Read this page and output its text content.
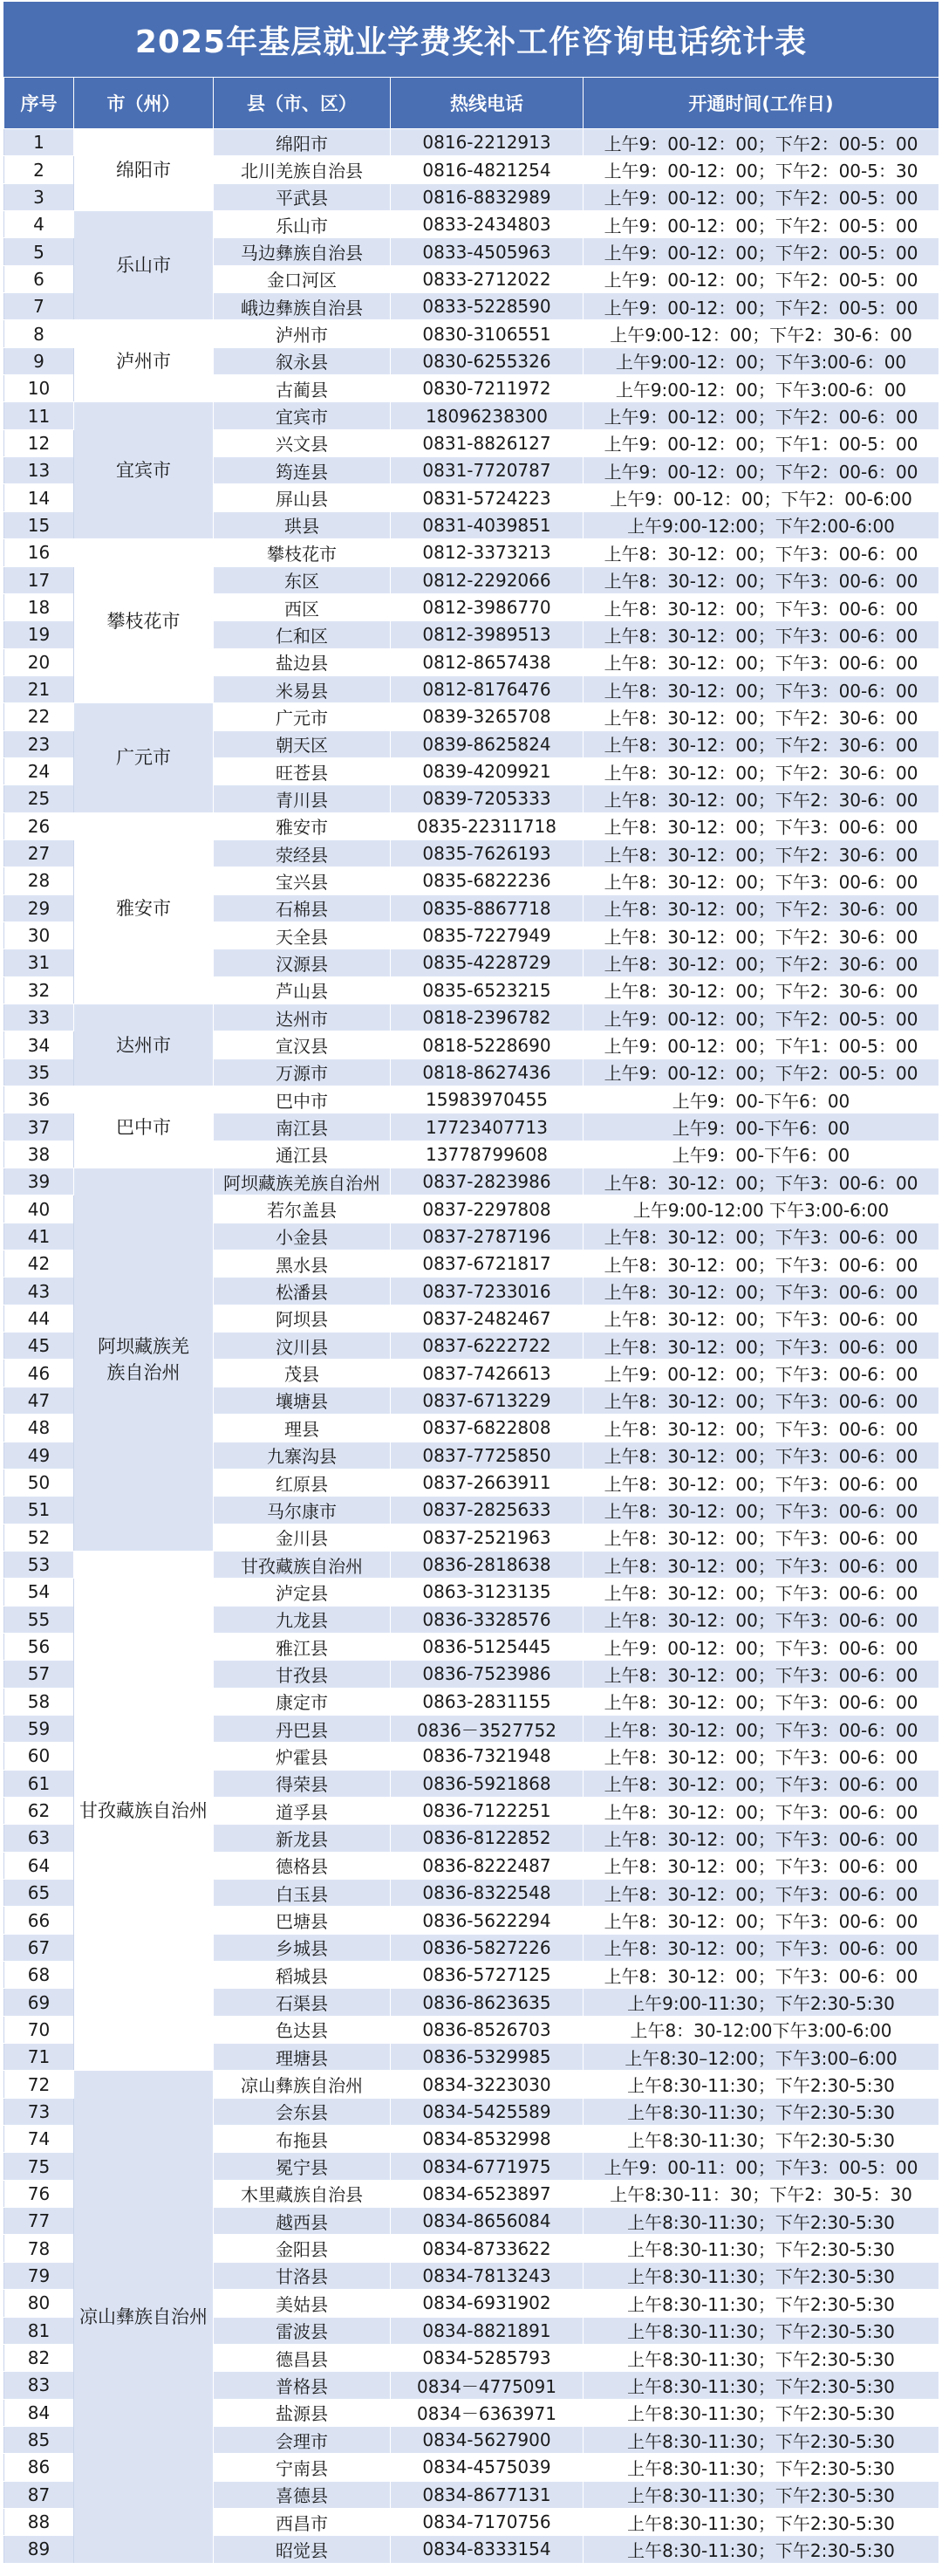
2025年基层就业学费奖补工作咨询电话统计表
序号	市（州）	县（市、区）	热线电话	开通时间(工作日)
1	绵阳市	绵阳市	0816-2212913	上午9：00-12：00；下午2：00-5：00
2		北川羌族自治县	0816-4821254	上午9：00-12：00；下午2：00-5：30
3		平武县	0816-8832989	上午9：00-12：00；下午2：00-5：00
4	乐山市	乐山市	0833-2434803	上午9：00-12：00；下午2：00-5：00
5		马边彝族自治县	0833-4505963	上午9：00-12：00；下午2：00-5：00
6		金口河区	0833-2712022	上午9：00-12：00；下午2：00-5：00
7		峨边彝族自治县	0833-5228590	上午9：00-12：00；下午2：00-5：00
8	泸州市	泸州市	0830-3106551	上午9:00-12：00；下午2：30-6：00
9		叙永县	0830-6255326	上午9:00-12：00；下午3:00-6：00
10		古蔺县	0830-7211972	上午9:00-12：00；下午3:00-6：00
11	宜宾市	宜宾市	18096238300	上午9：00-12：00；下午2：00-6：00
12		兴文县	0831-8826127	上午9：00-12：00；下午1：00-5：00
13		筠连县	0831-7720787	上午9：00-12：00；下午2：00-6：00
14		屏山县	0831-5724223	上午9：00-12：00；下午2：00-6:00
15		珙县	0831-4039851	上午9:00-12:00；下午2:00-6:00
16	攀枝花市	攀枝花市	0812-3373213	上午8：30-12：00；下午3：00-6：00
17		东区	0812-2292066	上午8：30-12：00；下午3：00-6：00
18		西区	0812-3986770	上午8：30-12：00；下午3：00-6：00
19		仁和区	0812-3989513	上午8：30-12：00；下午3：00-6：00
20		盐边县	0812-8657438	上午8：30-12：00；下午3：00-6：00
21		米易县	0812-8176476	上午8：30-12：00；下午3：00-6：00
22	广元市	广元市	0839-3265708	上午8：30-12：00；下午2：30-6：00
23		朝天区	0839-8625824	上午8：30-12：00；下午2：30-6：00
24		旺苍县	0839-4209921	上午8：30-12：00；下午2：30-6：00
25		青川县	0839-7205333	上午8：30-12：00；下午2：30-6：00
26	雅安市	雅安市	0835-22311718	上午8：30-12：00；下午3：00-6：00
27		荥经县	0835-7626193	上午8：30-12：00；下午2：30-6：00
28		宝兴县	0835-6822236	上午8：30-12：00；下午3：00-6：00
29		石棉县	0835-8867718	上午8：30-12：00；下午2：30-6：00
30		天全县	0835-7227949	上午8：30-12：00；下午2：30-6：00
31		汉源县	0835-4228729	上午8：30-12：00；下午2：30-6：00
32		芦山县	0835-6523215	上午8：30-12：00；下午2：30-6：00
33	达州市	达州市	0818-2396782	上午9：00-12：00；下午2：00-5：00
34		宣汉县	0818-5228690	上午9：00-12：00；下午1：00-5：00
35		万源市	0818-8627436	上午9：00-12：00；下午2：00-5：00
36	巴中市	巴中市	15983970455	上午9：00-下午6：00
37		南江县	17723407713	上午9：00-下午6：00
38		通江县	13778799608	上午9：00-下午6：00
39	阿坝藏族羌族自治州	阿坝藏族羌族自治州	0837-2823986	上午8：30-12：00；下午3：00-6：00
40		若尔盖县	0837-2297808	上午9:00-12:00 下午3:00-6:00
41		小金县	0837-2787196	上午8：30-12：00；下午3：00-6：00
42		黑水县	0837-6721817	上午8：30-12：00；下午3：00-6：00
43		松潘县	0837-7233016	上午8：30-12：00；下午3：00-6：00
44		阿坝县	0837-2482467	上午8：30-12：00；下午3：00-6：00
45		汶川县	0837-6222722	上午8：30-12：00；下午3：00-6：00
46		茂县	0837-7426613	上午9：00-12：00；下午3：00-6：00
47		壤塘县	0837-6713229	上午8：30-12：00；下午3：00-6：00
48		理县	0837-6822808	上午8：30-12：00；下午3：00-6：00
49		九寨沟县	0837-7725850	上午8：30-12：00；下午3：00-6：00
50		红原县	0837-2663911	上午8：30-12：00；下午3：00-6：00
51		马尔康市	0837-2825633	上午8：30-12：00；下午3：00-6：00
52		金川县	0837-2521963	上午8：30-12：00；下午3：00-6：00
53	甘孜藏族自治州	甘孜藏族自治州	0836-2818638	上午8：30-12：00；下午3：00-6：00
54		泸定县	0863-3123135	上午8：30-12：00；下午3：00-6：00
55		九龙县	0836-3328576	上午8：30-12：00；下午3：00-6：00
56		雅江县	0836-5125445	上午9：00-12：00；下午3：00-6：00
57		甘孜县	0836-7523986	上午8：30-12：00；下午3：00-6：00
58		康定市	0863-2831155	上午8：30-12：00；下午3：00-6：00
59		丹巴县	0836－3527752	上午8：30-12：00；下午3：00-6：00
60		炉霍县	0836-7321948	上午8：30-12：00；下午3：00-6：00
61		得荣县	0836-5921868	上午8：30-12：00；下午3：00-6：00
62		道孚县	0836-7122251	上午8：30-12：00；下午3：00-6：00
63		新龙县	0836-8122852	上午8：30-12：00；下午3：00-6：00
64		德格县	0836-8222487	上午8：30-12：00；下午3：00-6：00
65		白玉县	0836-8322548	上午8：30-12：00；下午3：00-6：00
66		巴塘县	0836-5622294	上午8：30-12：00；下午3：00-6：00
67		乡城县	0836-5827226	上午8：30-12：00；下午3：00-6：00
68		稻城县	0836-5727125	上午8：30-12：00；下午3：00-6：00
69		石渠县	0836-8623635	上午9:00-11:30；下午2:30-5:30
70		色达县	0836-8526703	上午8：30-12:00下午3:00-6:00
71		理塘县	0836-5329985	上午8:30–12:00；下午3:00–6:00
72	凉山彝族自治州	凉山彝族自治州	0834-3223030	上午8:30-11:30；下午2:30-5:30
73		会东县	0834-5425589	上午8:30-11:30；下午2:30-5:30
74		布拖县	0834-8532998	上午8:30-11:30；下午2:30-5:30
75		冕宁县	0834-6771975	上午9：00-11：00；下午3：00-5：00
76		木里藏族自治县	0834-6523897	上午8:30-11：30；下午2：30-5：30
77		越西县	0834-8656084	上午8:30-11:30；下午2:30-5:30
78		金阳县	0834-8733622	上午8:30-11:30；下午2:30-5:30
79		甘洛县	0834-7813243	上午8:30-11:30；下午2:30-5:30
80		美姑县	0834-6931902	上午8:30-11:30；下午2:30-5:30
81		雷波县	0834-8821891	上午8:30-11:30；下午2:30-5:30
82		德昌县	0834-5285793	上午8:30-11:30；下午2:30-5:30
83		普格县	0834－4775091	上午8:30-11:30；下午2:30-5:30
84		盐源县	0834－6363971	上午8:30-11:30；下午2:30-5:30
85		会理市	0834-5627900	上午8:30-11:30；下午2:30-5:30
86		宁南县	0834-4575039	上午8:30-11:30；下午2:30-5:30
87		喜德县	0834-8677131	上午8:30-11:30；下午2:30-5:30
88		西昌市	0834-7170756	上午8:30-11:30；下午2:30-5:30
89		昭觉县	0834-8333154	上午8:30-11:30；下午2:30-5:30
